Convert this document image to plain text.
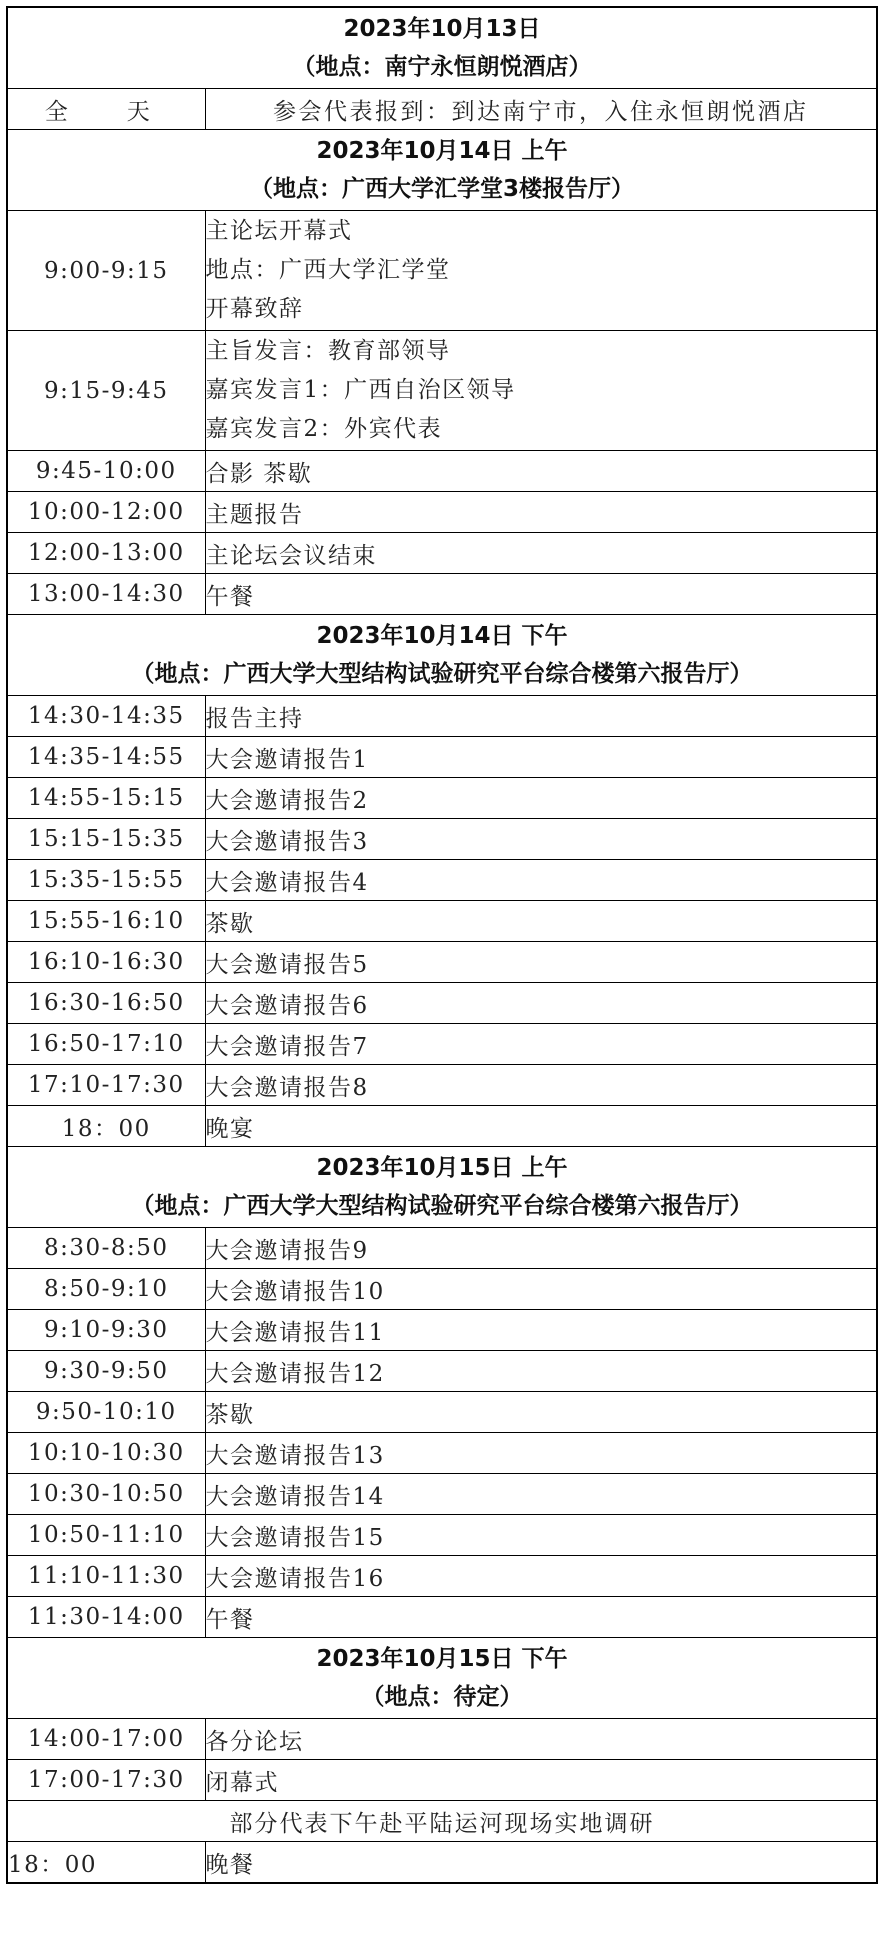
2023年10月13日
（地点：南宁永恒朗悦酒店）	

全　天	参会代表报到：到达南宁市，入住永恒朗悦酒店

2023年10月14日 上午
（地点：广西大学汇学堂3楼报告厅）	

9:00-9:15	主论坛开幕式
地点：广西大学汇学堂
开幕致辞

9:15-9:45	主旨发言：教育部领导
嘉宾发言1：广西自治区领导
嘉宾发言2：外宾代表

9:45-10:00	合影 茶歇
10:00-12:00	主题报告
12:00-13:00	主论坛会议结束
13:00-14:30	午餐

2023年10月14日 下午
（地点：广西大学大型结构试验研究平台综合楼第六报告厅）	

14:30-14:35	报告主持
14:35-14:55	大会邀请报告1
14:55-15:15	大会邀请报告2
15:15-15:35	大会邀请报告3
15:35-15:55	大会邀请报告4
15:55-16:10	茶歇
16:10-16:30	大会邀请报告5
16:30-16:50	大会邀请报告6
16:50-17:10	大会邀请报告7
17:10-17:30	大会邀请报告8
18：00	晚宴

2023年10月15日 上午
（地点：广西大学大型结构试验研究平台综合楼第六报告厅）	

8:30-8:50	大会邀请报告9
8:50-9:10	大会邀请报告10
9:10-9:30	大会邀请报告11
9:30-9:50	大会邀请报告12
9:50-10:10	茶歇
10:10-10:30	大会邀请报告13
10:30-10:50	大会邀请报告14
10:50-11:10	大会邀请报告15
11:10-11:30	大会邀请报告16
11:30-14:00	午餐

2023年10月15日 下午
（地点：待定）	

14:00-17:00	各分论坛
17:00-17:30	闭幕式
部分代表下午赴平陆运河现场实地调研	
18：00	晚餐
